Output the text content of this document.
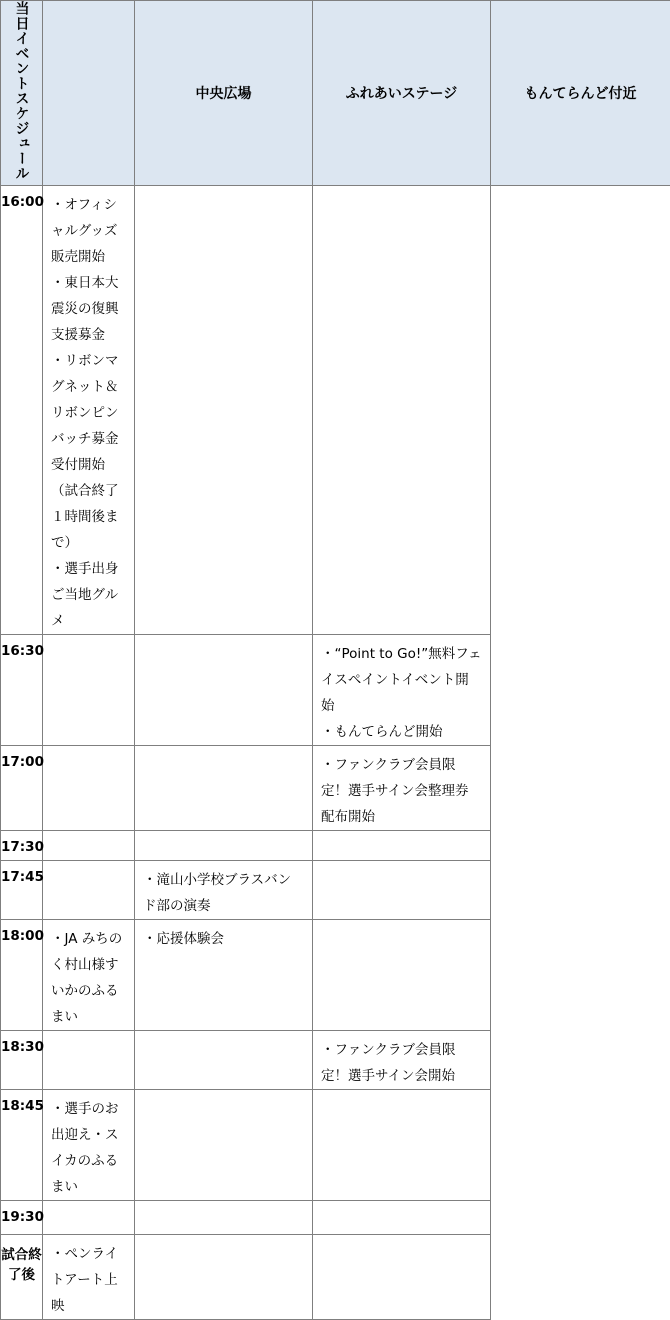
当日イベントスケジュール		中央広場	ふれあいステージ	もんてらんど付近
16:00	・オフィシャルグッズ販売開始
・東日本大震災の復興支援募金
・リボンマグネット＆リボンピンバッチ募金受付開始
（試合終了１時間後まで）
・選手出身ご当地グルメ			

16:30			・“Point to Go!”無料フェイスペイントイベント開始
・もんてらんど開始	

17:00			・ファンクラブ会員限定！選手サイン会整理券配布開始	

17:30				
17:45		・滝山小学校ブラスバンド部の演奏		

18:00	・JA みちのく村山様すいかのふるまい	・応援体験会		

18:30			・ファンクラブ会員限定！選手サイン会開始	

18:45	・選手のお出迎え・スイカのふるまい			

19:30				
試合終了後	・ペンライトアート上映			
